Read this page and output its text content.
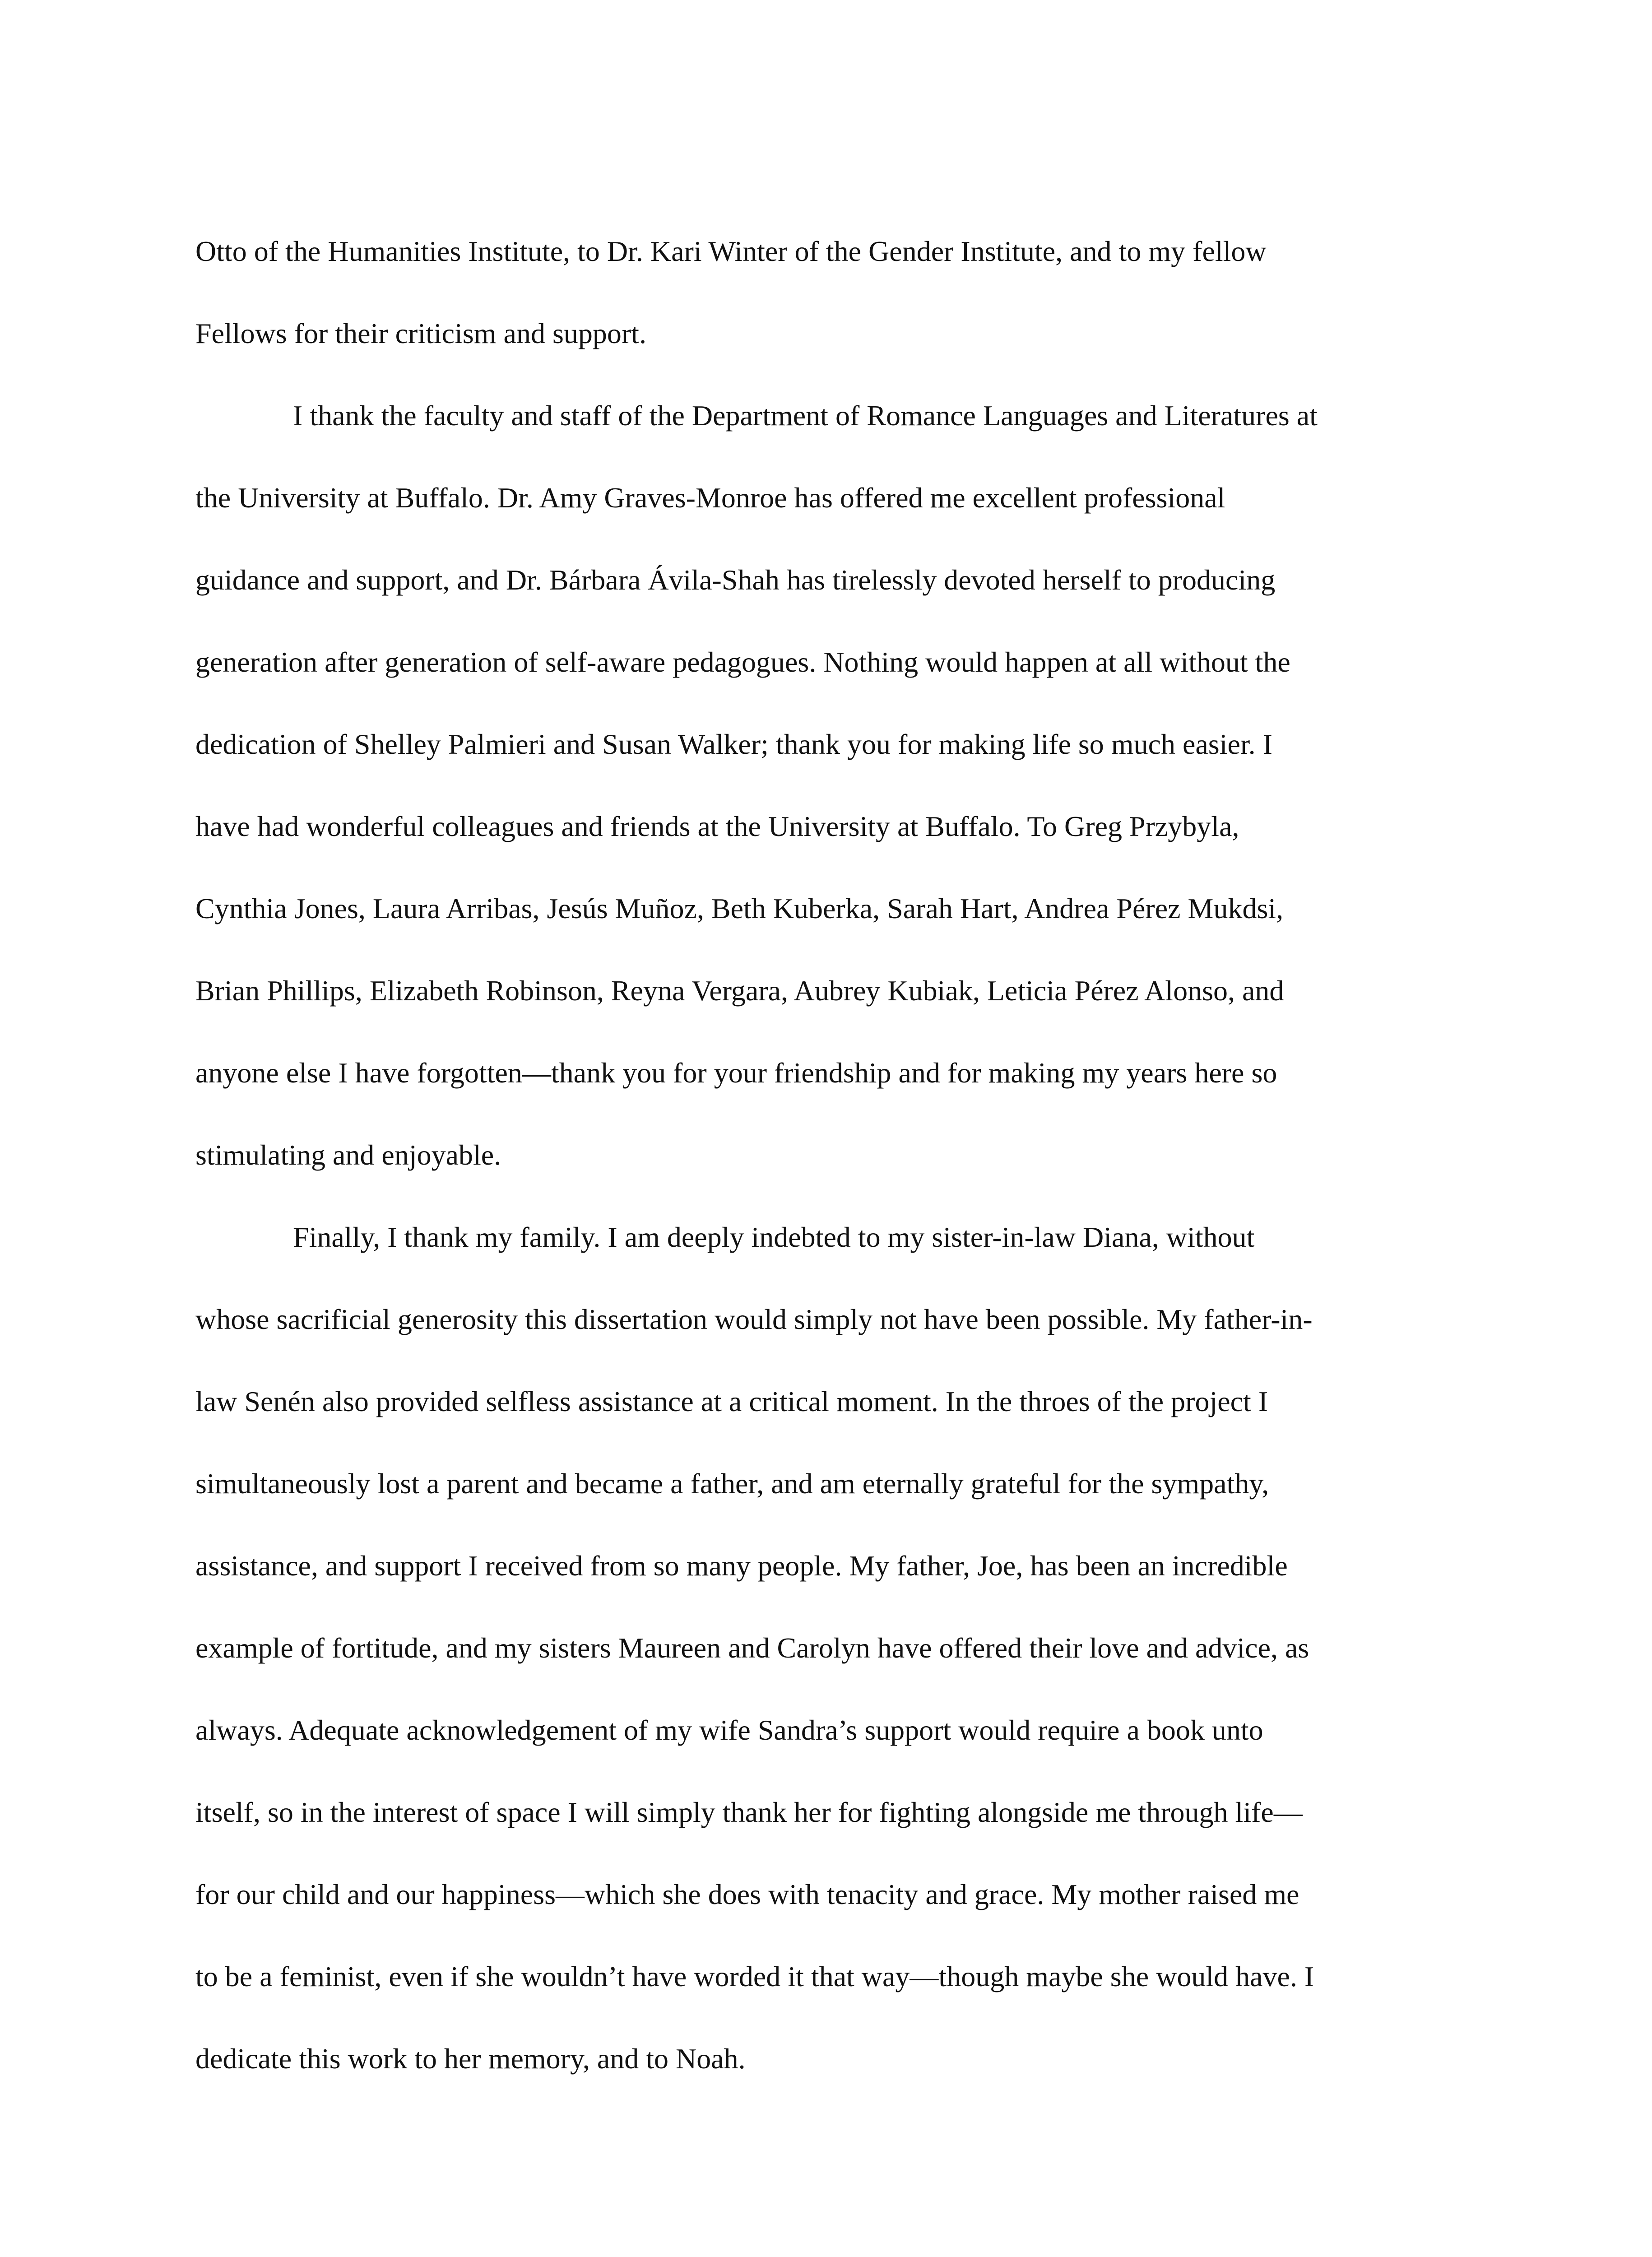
Otto of the Humanities Institute, to Dr. Kari Winter of the Gender Institute, and to my fellow
Fellows for their criticism and support.
I thank the faculty and staff of the Department of Romance Languages and Literatures at
the University at Buffalo. Dr. Amy Graves-Monroe has offered me excellent professional
guidance and support, and Dr. Bárbara Ávila-Shah has tirelessly devoted herself to producing
generation after generation of self-aware pedagogues. Nothing would happen at all without the
dedication of Shelley Palmieri and Susan Walker; thank you for making life so much easier. I
have had wonderful colleagues and friends at the University at Buffalo. To Greg Przybyla,
Cynthia Jones, Laura Arribas, Jesús Muñoz, Beth Kuberka, Sarah Hart, Andrea Pérez Mukdsi,
Brian Phillips, Elizabeth Robinson, Reyna Vergara, Aubrey Kubiak, Leticia Pérez Alonso, and
anyone else I have forgotten—thank you for your friendship and for making my years here so
stimulating and enjoyable.
Finally, I thank my family. I am deeply indebted to my sister-in-law Diana, without
whose sacrificial generosity this dissertation would simply not have been possible. My father-in-
law Senén also provided selfless assistance at a critical moment. In the throes of the project I
simultaneously lost a parent and became a father, and am eternally grateful for the sympathy,
assistance, and support I received from so many people. My father, Joe, has been an incredible
example of fortitude, and my sisters Maureen and Carolyn have offered their love and advice, as
always. Adequate acknowledgement of my wife Sandra’s support would require a book unto
itself, so in the interest of space I will simply thank her for fighting alongside me through life—
for our child and our happiness—which she does with tenacity and grace. My mother raised me
to be a feminist, even if she wouldn’t have worded it that way—though maybe she would have. I
dedicate this work to her memory, and to Noah.
